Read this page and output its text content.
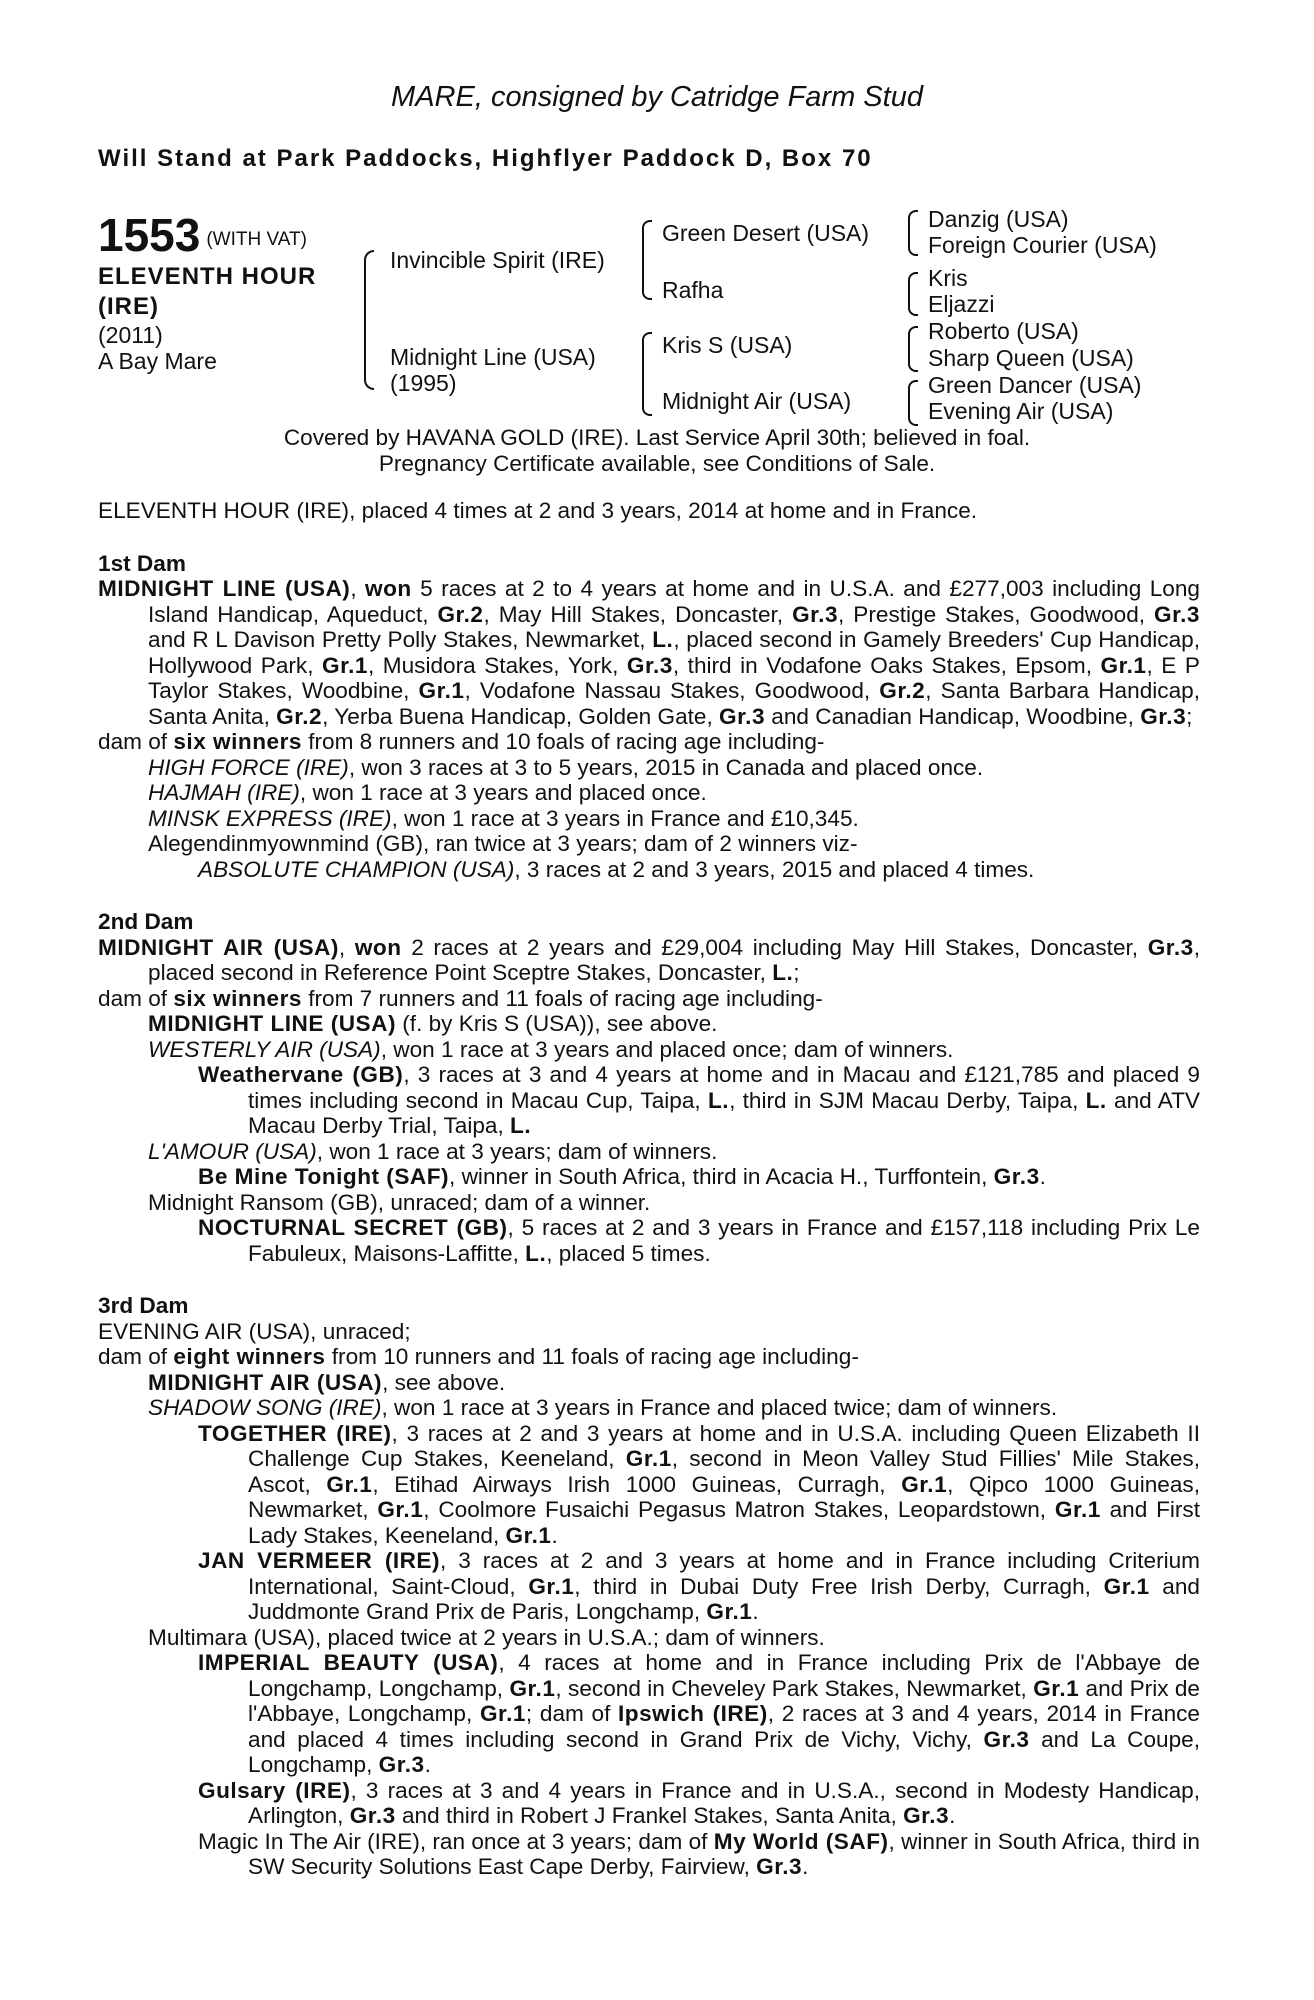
MARE, consigned by Catridge Farm Stud
Will Stand at Park Paddocks, Highflyer Paddock D, Box 70
1553 (WITH VAT)
ELEVENTH HOUR
(IRE)
(2011)
A Bay Mare
Invincible Spirit (IRE)
Midnight Line (USA)
(1995)
Green Desert (USA)
Rafha
Kris S (USA)
Midnight Air (USA)
Danzig (USA)
Foreign Courier (USA)
Kris
Eljazzi
Roberto (USA)
Sharp Queen (USA)
Green Dancer (USA)
Evening Air (USA)
Covered by HAVANA GOLD (IRE). Last Service April 30th; believed in foal.
Pregnancy Certificate available, see Conditions of Sale.

ELEVENTH HOUR (IRE), placed 4 times at 2 and 3 years, 2014 at home and in France.

1st Dam

MIDNIGHT LINE (USA), won 5 races at 2 to 4 years at home and in U.S.A. and £277,003 including Long Island Handicap, Aqueduct, Gr.2, May Hill Stakes, Doncaster, Gr.3, Prestige Stakes, Goodwood, Gr.3 and R L Davison Pretty Polly Stakes, Newmarket, L., placed second in Gamely Breeders' Cup Handicap, Hollywood Park, Gr.1, Musidora Stakes, York, Gr.3, third in Vodafone Oaks Stakes, Epsom, Gr.1, E P Taylor Stakes, Woodbine, Gr.1, Vodafone Nassau Stakes, Goodwood, Gr.2, Santa Barbara Handicap, Santa Anita, Gr.2, Yerba Buena Handicap, Golden Gate, Gr.3 and Canadian Handicap, Woodbine, Gr.3;

dam of six winners from 8 runners and 10 foals of racing age including-

HIGH FORCE (IRE), won 3 races at 3 to 5 years, 2015 in Canada and placed once.

HAJMAH (IRE), won 1 race at 3 years and placed once.

MINSK EXPRESS (IRE), won 1 race at 3 years in France and £10,345.

Alegendinmyownmind (GB), ran twice at 3 years; dam of 2 winners viz-

ABSOLUTE CHAMPION (USA), 3 races at 2 and 3 years, 2015 and placed 4 times.

2nd Dam

MIDNIGHT AIR (USA), won 2 races at 2 years and £29,004 including May Hill Stakes, Doncaster, Gr.3, placed second in Reference Point Sceptre Stakes, Doncaster, L.;

dam of six winners from 7 runners and 11 foals of racing age including-

MIDNIGHT LINE (USA) (f. by Kris S (USA)), see above.

WESTERLY AIR (USA), won 1 race at 3 years and placed once; dam of winners.

Weathervane (GB), 3 races at 3 and 4 years at home and in Macau and £121,785 and placed 9 times including second in Macau Cup, Taipa, L., third in SJM Macau Derby, Taipa, L. and ATV Macau Derby Trial, Taipa, L.

L'AMOUR (USA), won 1 race at 3 years; dam of winners.

Be Mine Tonight (SAF), winner in South Africa, third in Acacia H., Turffontein, Gr.3.

Midnight Ransom (GB), unraced; dam of a winner.

NOCTURNAL SECRET (GB), 5 races at 2 and 3 years in France and £157,118 including Prix Le Fabuleux, Maisons-Laffitte, L., placed 5 times.

3rd Dam

EVENING AIR (USA), unraced;

dam of eight winners from 10 runners and 11 foals of racing age including-

MIDNIGHT AIR (USA), see above.

SHADOW SONG (IRE), won 1 race at 3 years in France and placed twice; dam of winners.

TOGETHER (IRE), 3 races at 2 and 3 years at home and in U.S.A. including Queen Elizabeth II Challenge Cup Stakes, Keeneland, Gr.1, second in Meon Valley Stud Fillies' Mile Stakes, Ascot, Gr.1, Etihad Airways Irish 1000 Guineas, Curragh, Gr.1, Qipco 1000 Guineas, Newmarket, Gr.1, Coolmore Fusaichi Pegasus Matron Stakes, Leopardstown, Gr.1 and First Lady Stakes, Keeneland, Gr.1.

JAN VERMEER (IRE), 3 races at 2 and 3 years at home and in France including Criterium International, Saint-Cloud, Gr.1, third in Dubai Duty Free Irish Derby, Curragh, Gr.1 and Juddmonte Grand Prix de Paris, Longchamp, Gr.1.

Multimara (USA), placed twice at 2 years in U.S.A.; dam of winners.

IMPERIAL BEAUTY (USA), 4 races at home and in France including Prix de l'Abbaye de Longchamp, Longchamp, Gr.1, second in Cheveley Park Stakes, Newmarket, Gr.1 and Prix de l'Abbaye, Longchamp, Gr.1; dam of Ipswich (IRE), 2 races at 3 and 4 years, 2014 in France and placed 4 times including second in Grand Prix de Vichy, Vichy, Gr.3 and La Coupe, Longchamp, Gr.3.

Gulsary (IRE), 3 races at 3 and 4 years in France and in U.S.A., second in Modesty Handicap, Arlington, Gr.3 and third in Robert J Frankel Stakes, Santa Anita, Gr.3.

Magic In The Air (IRE), ran once at 3 years; dam of My World (SAF), winner in South Africa, third in SW Security Solutions East Cape Derby, Fairview, Gr.3.
